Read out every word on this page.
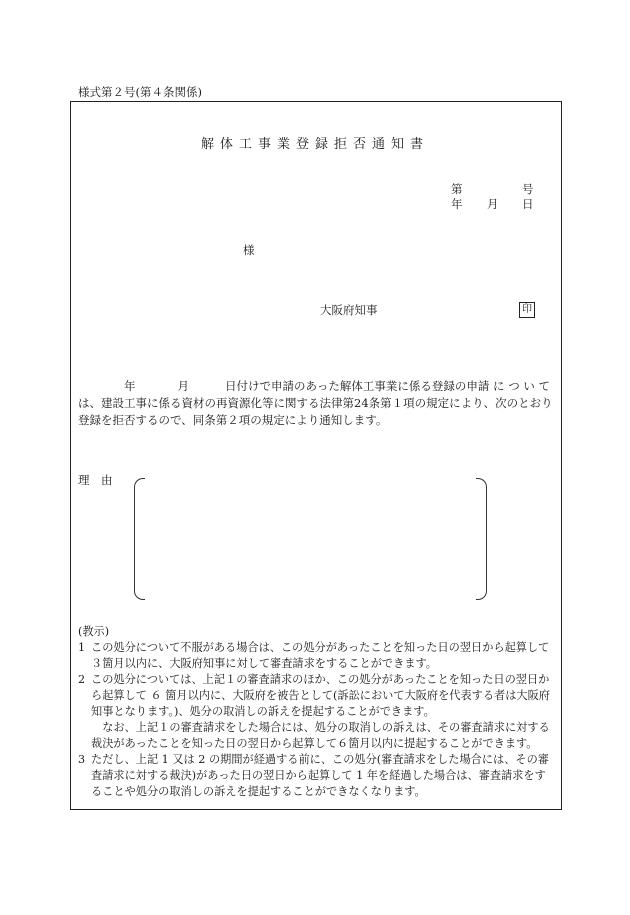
様式第２号(第４条関係)
解体工事業登録拒否通知書
第	号
年 月 日
様
大阪府知事	印
年	月	日付けで申請のあった解体工事業に係る登録の申請 に つ い て は、建設工事に係る資材の再資源化等に関する法律第24条第１項の規定により、次のとおり登録を拒否するので、同条第２項の規定により通知します。
理　由
(教示)
1 この処分について不服がある場合は、この処分があったことを知った日の翌日から起算して３箇月以内に、大阪府知事に対して審査請求をすることができます。
2 この処分については、上記１の審査請求のほか、この処分があったことを知った日の翌日から起算して ６ 箇月以内に、大阪府を被告として(訴訟において大阪府を代表する者は大阪府知事となります。)、処分の取消しの訴えを提起することができます。
なお、上記１の審査請求をした場合には、処分の取消しの訴えは、その審査請求に対する裁決があったことを知った日の翌日から起算して６箇月以内に提起することができます。
3 ただし、上記 1 又は 2 の期間が経過する前に、この処分(審査請求をした場合には、その審査請求に対する裁決)があった日の翌日から起算して 1 年を経過した場合は、審査請求をすることや処分の取消しの訴えを提起することができなくなります。
